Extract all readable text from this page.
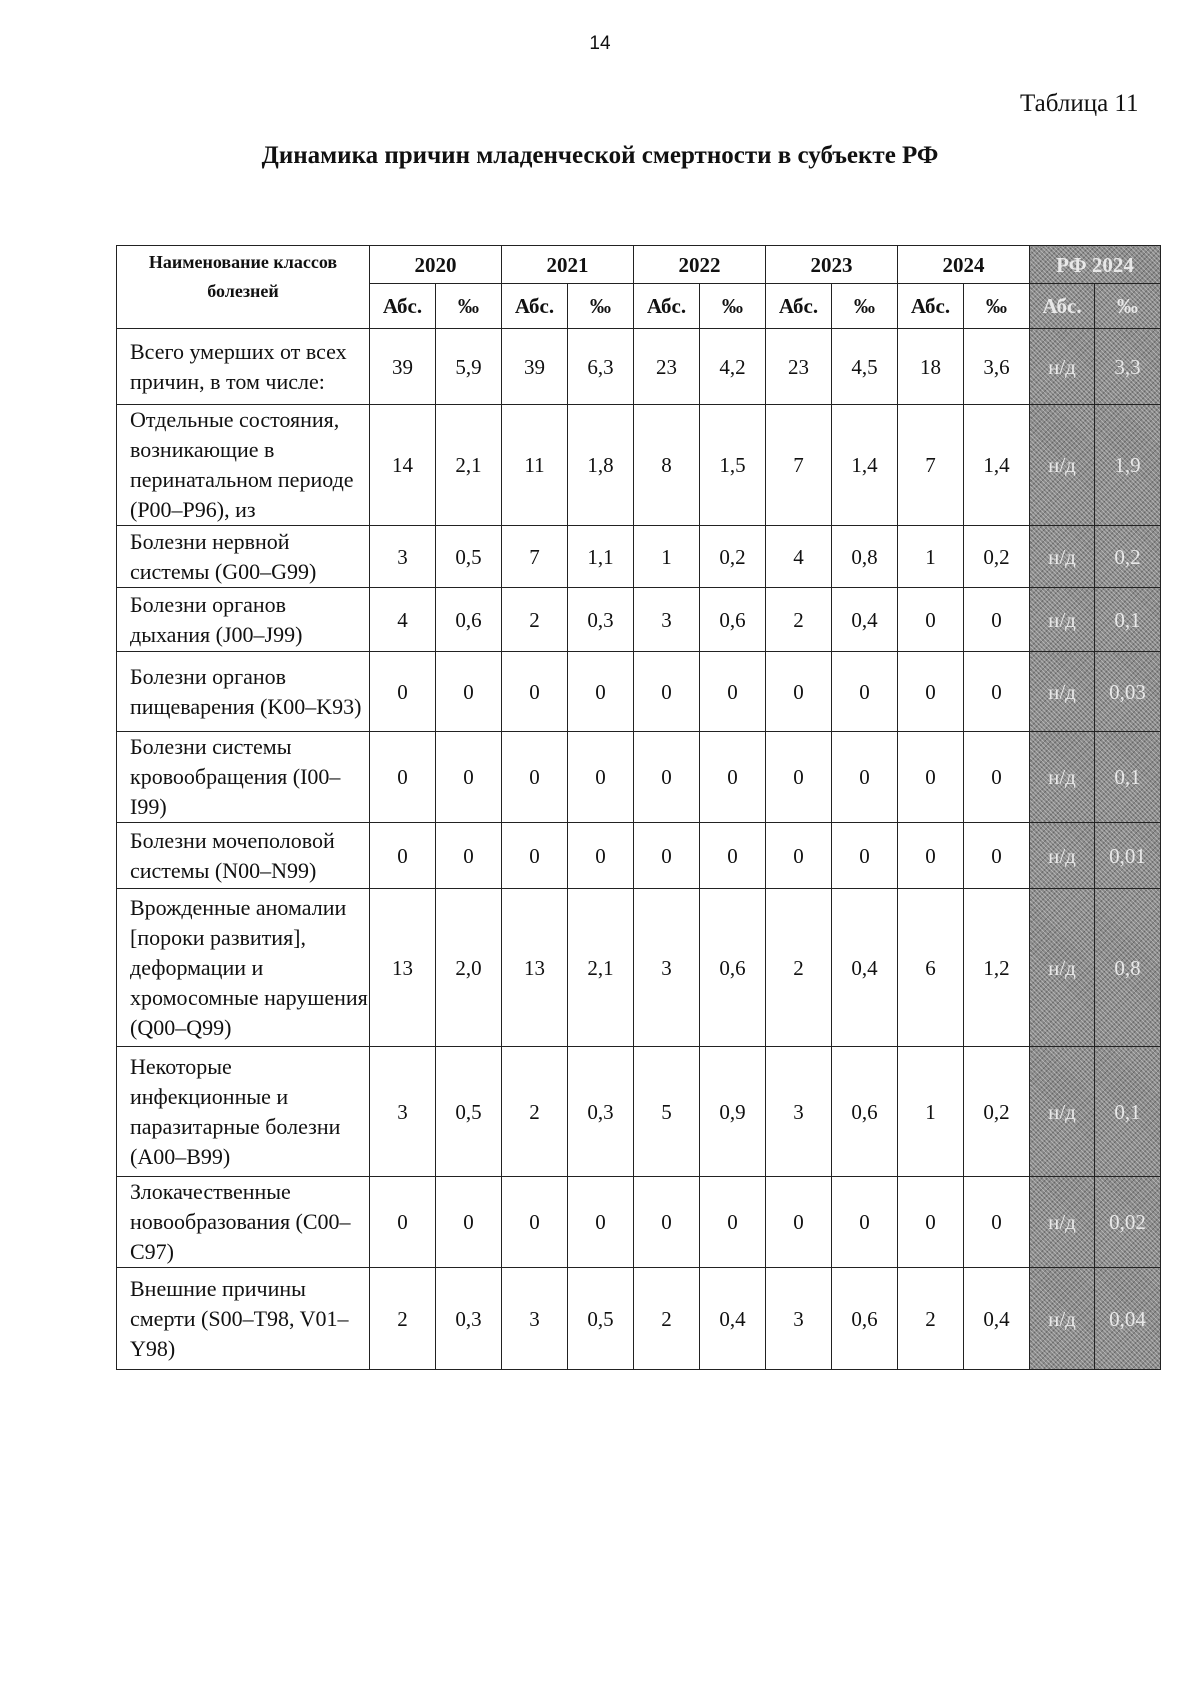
14
Таблица 11
Динамика причин младенческой смертности в субъекте РФ
Наименование классов болезней	2020		2021		2022		2023		2024		РФ 2024	
	Абс.	‰	Абс.	‰	Абс.	‰	Абс.	‰	Абс.	‰	Абс.	‰
Всего умерших от всех причин, в том числе:	39	5,9	39	6,3	23	4,2	23	4,5	18	3,6	н/д	3,3
Отдельные состояния, возникающие в перинатальном периоде (P00–P96), из	14	2,1	11	1,8	8	1,5	7	1,4	7	1,4	н/д	1,9
Болезни нервной системы (G00–G99)	3	0,5	7	1,1	1	0,2	4	0,8	1	0,2	н/д	0,2
Болезни органов дыхания (J00–J99)	4	0,6	2	0,3	3	0,6	2	0,4	0	0	н/д	0,1
Болезни органов пищеварения (K00–K93)	0	0	0	0	0	0	0	0	0	0	н/д	0,03
Болезни системы кровообращения (I00–I99)	0	0	0	0	0	0	0	0	0	0	н/д	0,1
Болезни мочеполовой системы (N00–N99)	0	0	0	0	0	0	0	0	0	0	н/д	0,01
Врожденные аномалии [пороки развития], деформации и хромосомные нарушения (Q00–Q99)	13	2,0	13	2,1	3	0,6	2	0,4	6	1,2	н/д	0,8
Некоторые инфекционные и паразитарные болезни (A00–B99)	3	0,5	2	0,3	5	0,9	3	0,6	1	0,2	н/д	0,1
Злокачественные новообразования (C00–C97)	0	0	0	0	0	0	0	0	0	0	н/д	0,02
Внешние причины смерти (S00–T98, V01–Y98)	2	0,3	3	0,5	2	0,4	3	0,6	2	0,4	н/д	0,04
